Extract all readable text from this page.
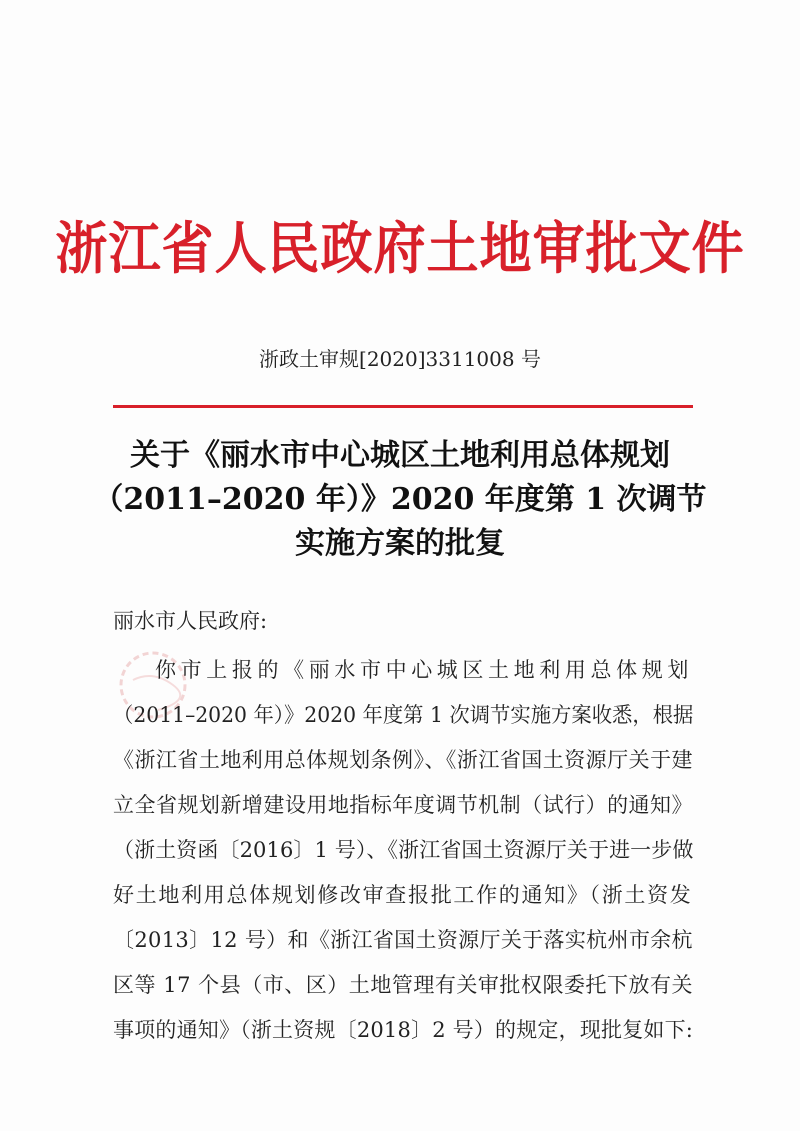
浙江省人民政府土地审批文件
浙政土审规[2020]3311008 号
关于《丽水市中心城区土地利用总体规划
（2011–2020 年）》2020 年度第 1 次调节
实施方案的批复
丽水市人民政府:
你市上报的《丽水市中心城区土地利用总体规划
（2011–2020 年）》2020 年度第 1 次调节实施方案收悉，根据
《浙江省土地利用总体规划条例》、《浙江省国土资源厅关于建
立全省规划新增建设用地指标年度调节机制（试行）的通知》
（浙土资函〔2016〕1 号）、《浙江省国土资源厅关于进一步做
好土地利用总体规划修改审查报批工作的通知》（浙土资发
〔2013〕12 号）和《浙江省国土资源厅关于落实杭州市余杭
区等 17 个县（市、区）土地管理有关审批权限委托下放有关
事项的通知》（浙土资规〔2018〕2 号）的规定，现批复如下:
